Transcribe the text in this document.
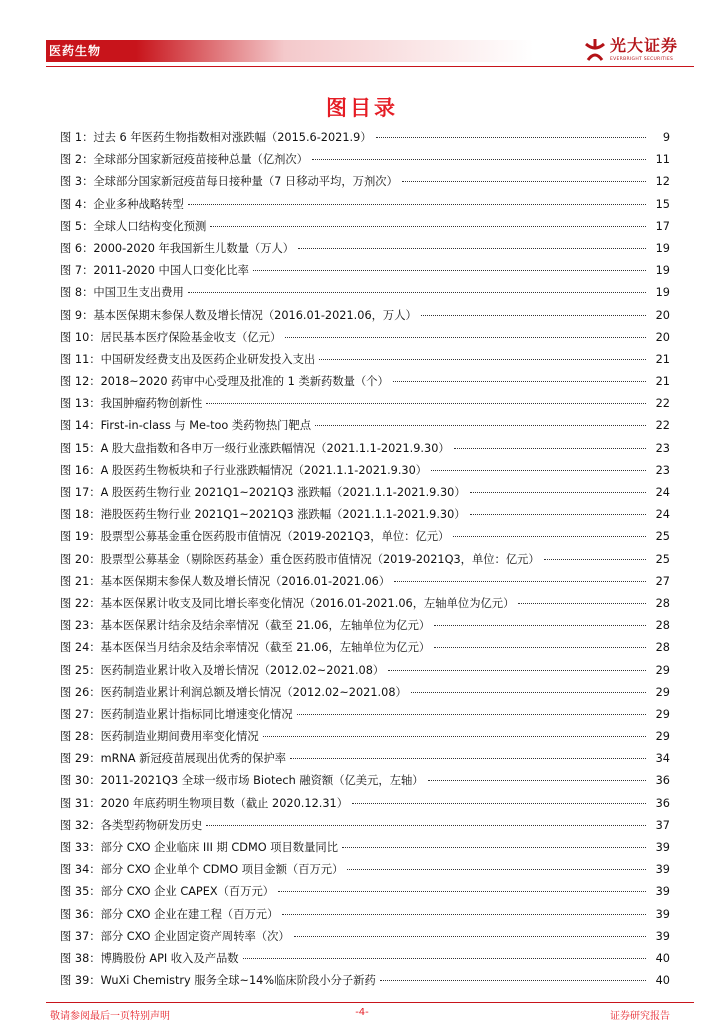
医药生物	光大证券
EVERBRIGHT SECURITIES
图目录
图 1： 过去 6 年医药生物指数相对涨跌幅（2015.6-2021.9）	9
图 2： 全球部分国家新冠疫苗接种总量（亿剂次）	11
图 3： 全球部分国家新冠疫苗每日接种量（7 日移动平均，万剂次）	12
图 4： 企业多种战略转型	15
图 5： 全球人口结构变化预测	17
图 6： 2000-2020 年我国新生儿数量（万人）	19
图 7： 2011-2020 中国人口变化比率	19
图 8： 中国卫生支出费用	19
图 9： 基本医保期末参保人数及增长情况（2016.01-2021.06，万人）	20
图 10： 居民基本医疗保险基金收支（亿元）	20
图 11： 中国研发经费支出及医药企业研发投入支出	21
图 12： 2018~2020 药审中心受理及批准的 1 类新药数量（个）	21
图 13： 我国肿瘤药物创新性	22
图 14： First-in-class 与 Me-too 类药物热门靶点	22
图 15： A 股大盘指数和各申万一级行业涨跌幅情况（2021.1.1-2021.9.30）	23
图 16： A 股医药生物板块和子行业涨跌幅情况（2021.1.1-2021.9.30）	23
图 17： A 股医药生物行业 2021Q1~2021Q3 涨跌幅（2021.1.1-2021.9.30）	24
图 18： 港股医药生物行业 2021Q1~2021Q3 涨跌幅（2021.1.1-2021.9.30）	24
图 19： 股票型公募基金重仓医药股市值情况（2019-2021Q3，单位：亿元）	25
图 20： 股票型公募基金（剔除医药基金）重仓医药股市值情况（2019-2021Q3，单位：亿元）	25
图 21： 基本医保期末参保人数及增长情况（2016.01-2021.06）	27
图 22： 基本医保累计收支及同比增长率变化情况（2016.01-2021.06，左轴单位为亿元）	28
图 23： 基本医保累计结余及结余率情况（截至 21.06，左轴单位为亿元）	28
图 24： 基本医保当月结余及结余率情况（截至 21.06，左轴单位为亿元）	28
图 25： 医药制造业累计收入及增长情况（2012.02~2021.08）	29
图 26： 医药制造业累计利润总额及增长情况（2012.02~2021.08）	29
图 27： 医药制造业累计指标同比增速变化情况	29
图 28： 医药制造业期间费用率变化情况	29
图 29： mRNA 新冠疫苗展现出优秀的保护率	34
图 30： 2011-2021Q3 全球一级市场 Biotech 融资额（亿美元，左轴）	36
图 31： 2020 年底药明生物项目数（截止 2020.12.31）	36
图 32： 各类型药物研发历史	37
图 33： 部分 CXO 企业临床 III 期 CDMO 项目数量同比	39
图 34： 部分 CXO 企业单个 CDMO 项目金额（百万元）	39
图 35： 部分 CXO 企业 CAPEX（百万元）	39
图 36： 部分 CXO 企业在建工程（百万元）	39
图 37： 部分 CXO 企业固定资产周转率（次）	39
图 38： 博腾股份 API 收入及产品数	40
图 39： WuXi Chemistry 服务全球~14%临床阶段小分子新药	40
敬请参阅最后一页特别声明	-4-	证券研究报告
